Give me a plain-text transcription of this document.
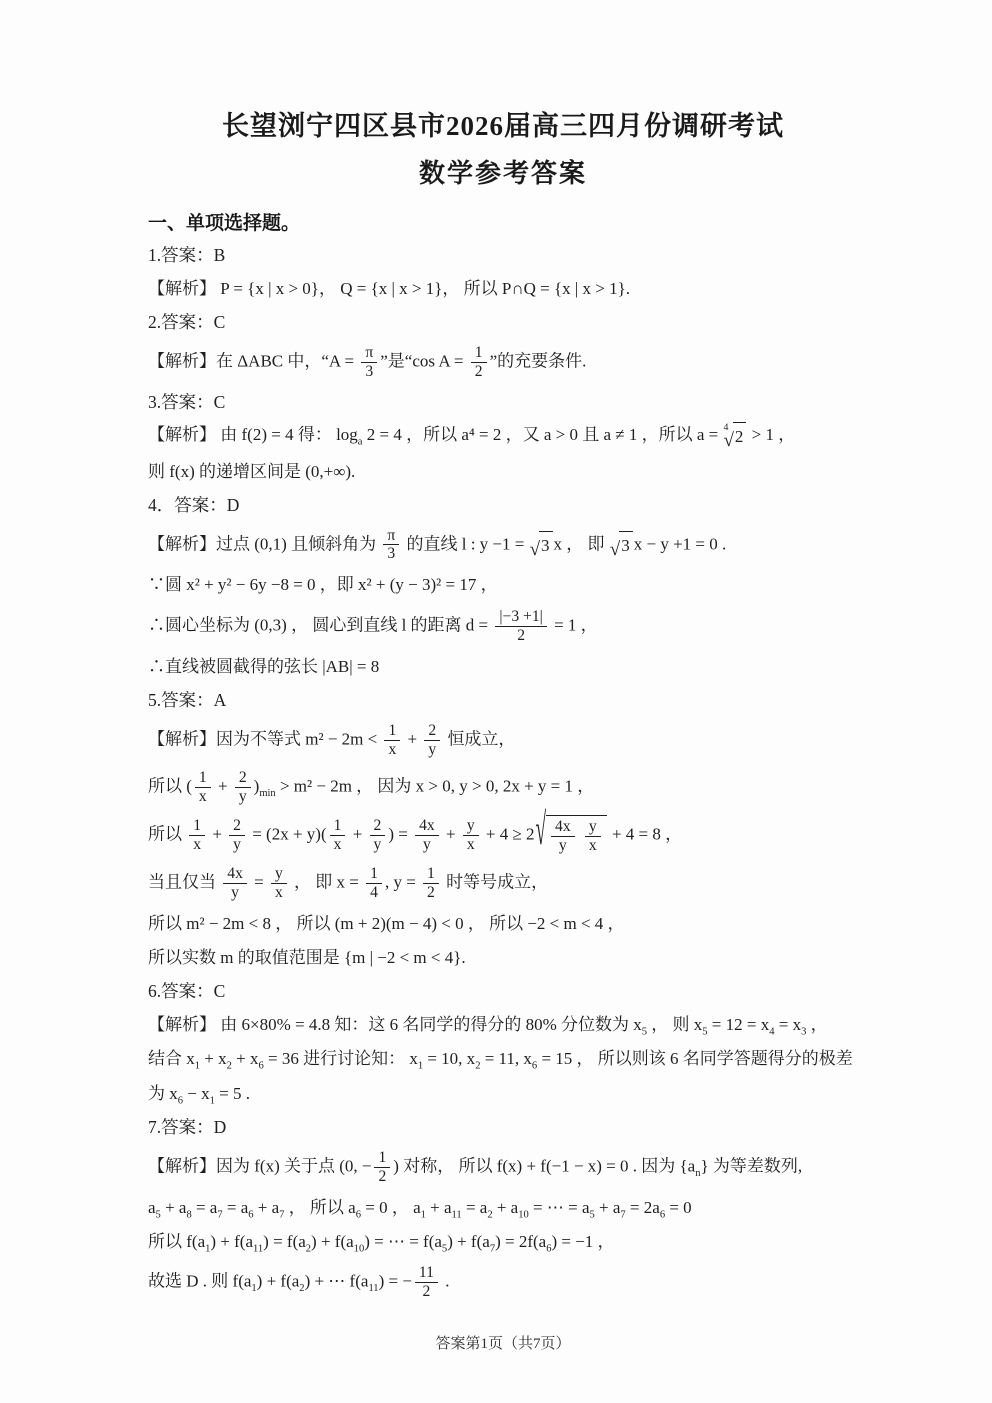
长望浏宁四区县市2026届高三四月份调研考试
数学参考答案
一、单项选择题。
1.答案：B
【解析】 P = {x | x > 0}， Q = {x | x > 1}， 所以 P∩Q = {x | x > 1}.
2.答案：C
【解析】在 ΔABC 中，“$A = \frac{\pi}{3}$ ”是“cos $A = \frac{1}{2}$ ”的充要条件.
3.答案：C
【解析】 由 f(2) = 4 得： $\log_a 2 = 4$ ，所以 a⁴ = 2 ，又 a > 0 且 a ≠ 1 ，所以 a = 4
√ 2 > 1 ，
则 f(x) 的递增区间是 (0,+∞).
4．答案：D
【解析】过点 (0,1) 且倾斜角为 $\frac{\pi}{3}$ 的直线 l : y −1 = √ 3 x ， 即 √ 3 x − y +1 = 0 .
∵圆 x² + y² − 6y −8 = 0 ，即 x² + (y − 3)² = 17 ，
∴圆心坐标为 (0,3) ， 圆心到直线 l 的距离 $d = \frac{|-3 +1|}{2} = 1$ ，
∴直线被圆截得的弦长 |AB| = 8
5.答案：A
【解析】因为不等式 $m^2 - 2m < \frac{1}{x} + \frac{2}{y}$ 恒成立，
所以 ( $\frac{1}{x} + \frac{2}{y} )_{min} > m^2 - 2m$ ， 因为 x > 0, y > 0, 2x + y = 1 ，
所以 $\frac{1}{x} + \frac{2}{y} = (2x + y)( \frac{1}{x} + \frac{2}{y}$ ) = $\frac{4x}{y} + \frac{y}{x} + 4 \ge 2$ √ $\frac{4x}{y}$
$\frac{y}{x} + 4 = 8$ ，
当且仅当 $\frac{4x}{y} = \frac{y}{x}$ ， 即 $x = \frac{1}{4}$ , $y = \frac{1}{2}$ 时等号成立，
所以 m² − 2m < 8 ， 所以 (m + 2)(m − 4) < 0 ， 所以 −2 < m < 4 ，
所以实数 m 的取值范围是 {m | −2 < m < 4}.
6.答案：C
【解析】 由 6×80% = 4.8 知：这 6 名同学的得分的 80% 分位数为 $x_5$ ， 则 $x_5 = 12 = x_4 = x_3$ ，
结合 $x_1 + x_2 + x_6 = 36$ 进行讨论知： $x_1 = 10$, $x_2 = 11$, $x_6 = 15$ ， 所以则该 6 名同学答题得分的极差
为 $x_6 - x_1 = 5$ .
7.答案：D
【解析】因为 f(x) 关于点 (0, − $\frac{1}{2}$ ) 对称， 所以 f(x) + f(−1 − x) = 0 . 因为 $\{a_n\}$ 为等差数列,
$a_5 + a_8 = a_7 = a_6 + a_7$ ， 所以 $a_6 = 0$ ， $a_1 + a_{11} = a_2 + a_{10}$ = ⋯ = $a_5 + a_7 = 2a_6 = 0$
所以 $f(a_1) + f(a_{11}) = f(a_2) + f(a_{10})$ = ⋯ = $f(a_5) + f(a_7) = 2f(a_6) = -1$ ，
故选 D . 则 $f(a_1) + f(a_2)$ + ⋯ $f(a_{11})$ = − $\frac{11}{2}$ .
答案第1页（共7页）
